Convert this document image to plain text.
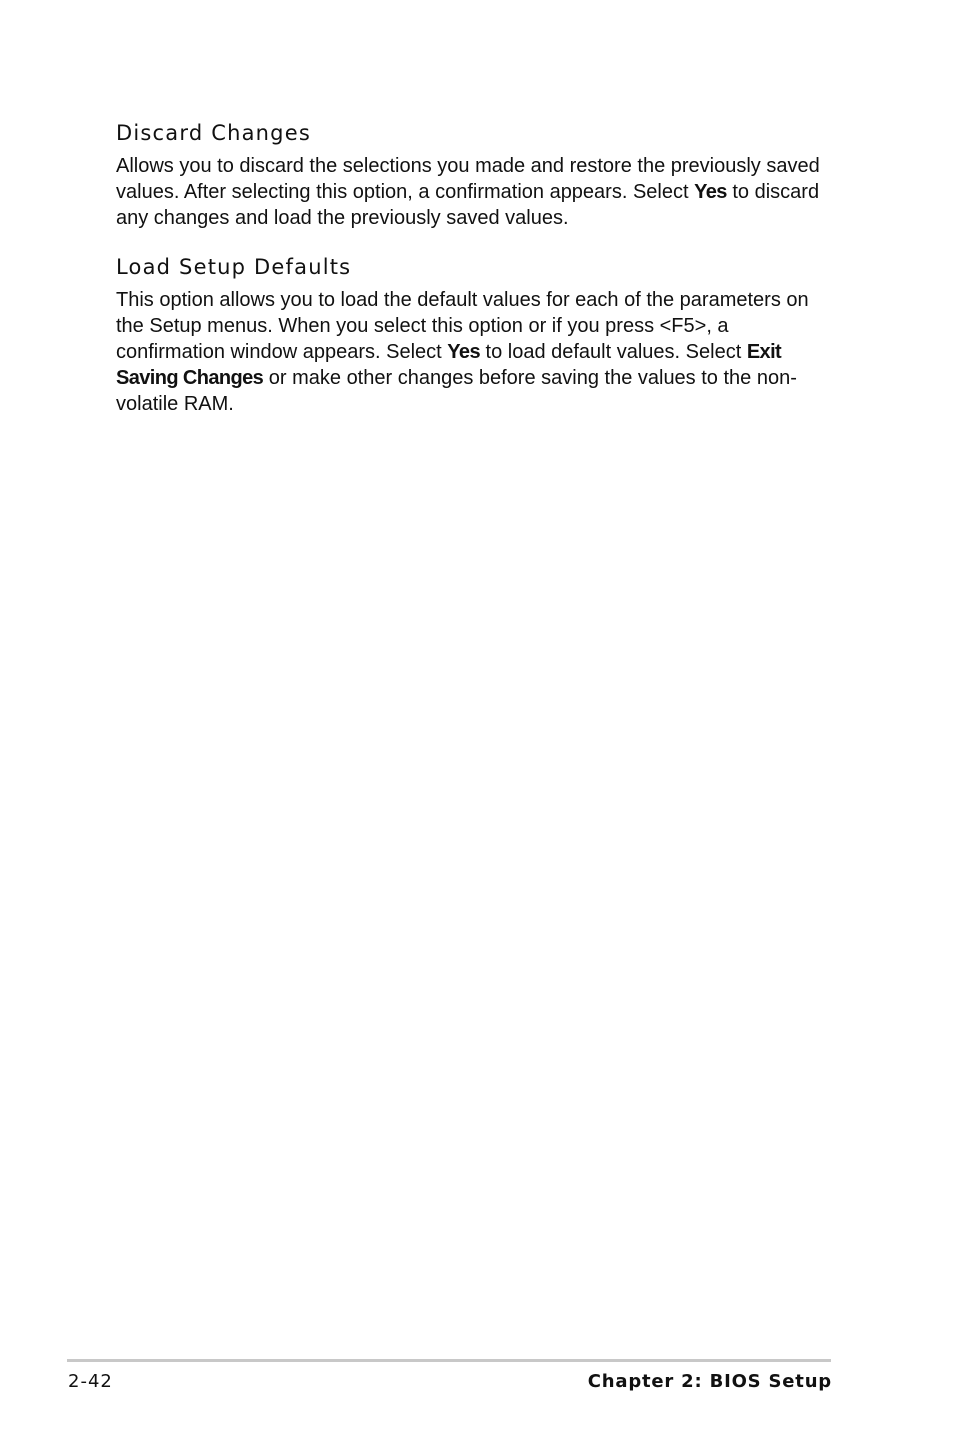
Discard Changes

Allows you to discard the selections you made and restore the previously saved values. After selecting this option, a confirmation appears. Select Yes to discard any changes and load the previously saved values.

Load Setup Defaults

This option allows you to load the default values for each of the parameters on the Setup menus. When you select this option or if you press <F5>, a confirmation window appears. Select Yes to load default values. Select Exit Saving Changes or make other changes before saving the values to the non-volatile RAM.

2-42	Chapter 2: BIOS Setup
